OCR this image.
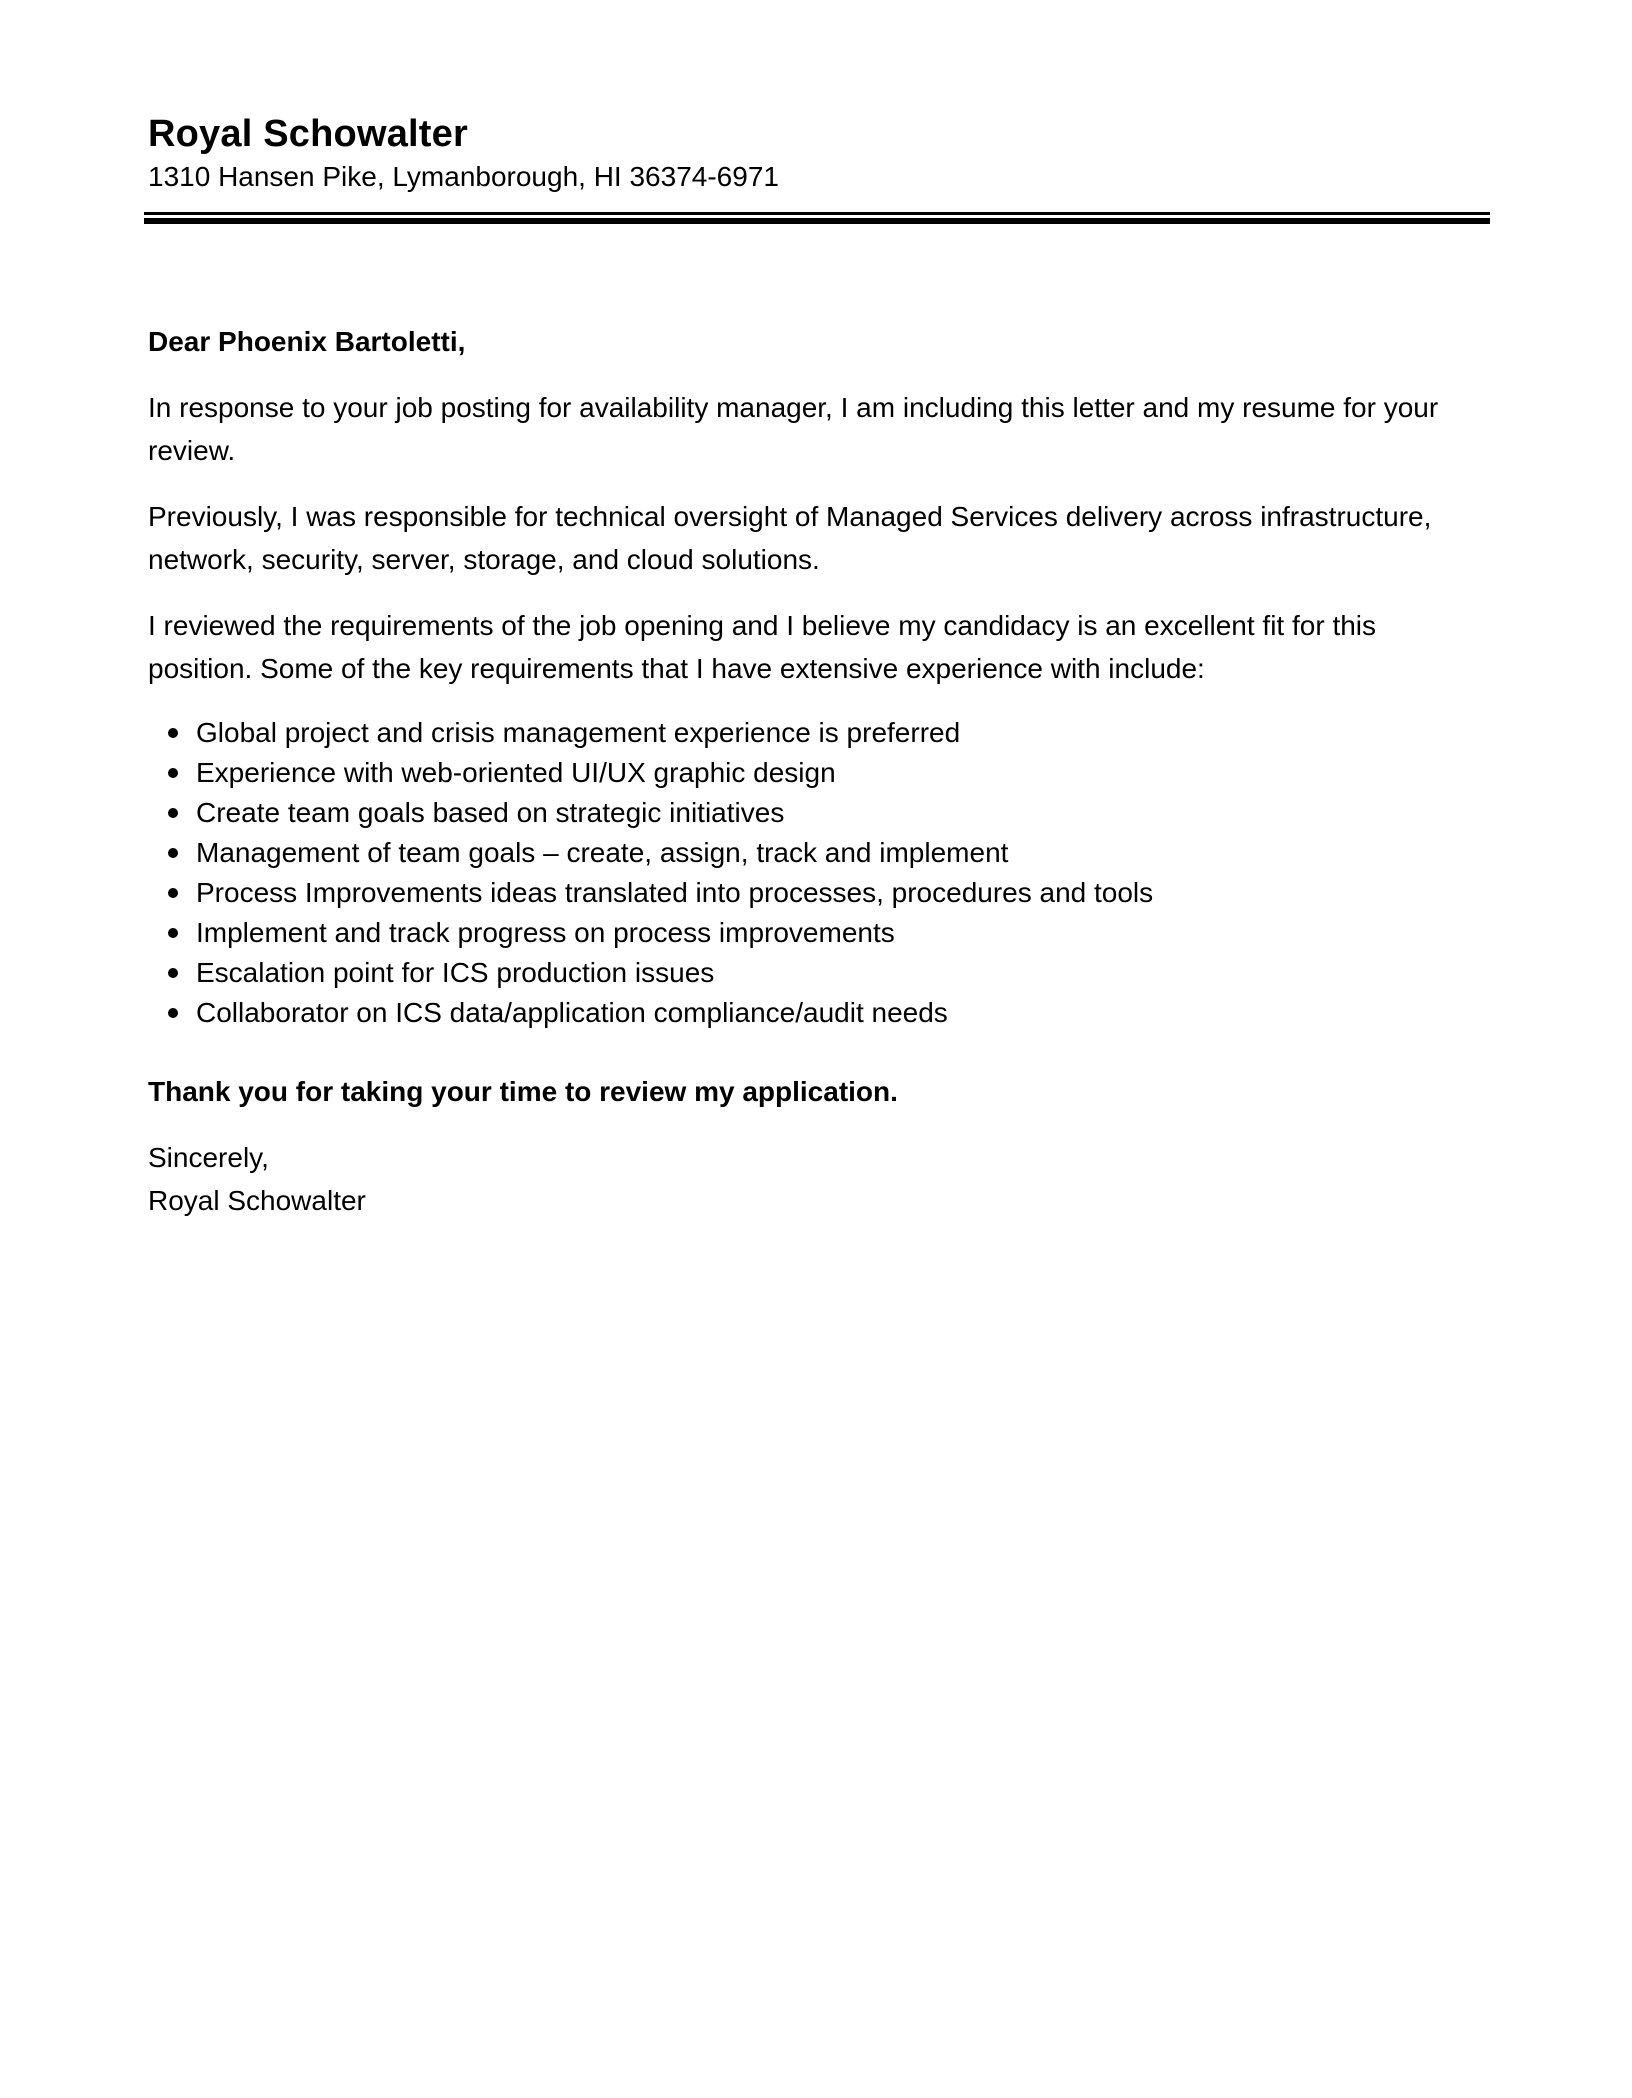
Royal Schowalter
1310 Hansen Pike, Lymanborough, HI 36374-6971

Dear Phoenix Bartoletti,

In response to your job posting for availability manager, I am including this letter and my resume for your review.

Previously, I was responsible for technical oversight of Managed Services delivery across infrastructure, network, security, server, storage, and cloud solutions.

I reviewed the requirements of the job opening and I believe my candidacy is an excellent fit for this position. Some of the key requirements that I have extensive experience with include:

Global project and crisis management experience is preferred
Experience with web-oriented UI/UX graphic design
Create team goals based on strategic initiatives
Management of team goals – create, assign, track and implement
Process Improvements ideas translated into processes, procedures and tools
Implement and track progress on process improvements
Escalation point for ICS production issues
Collaborator on ICS data/application compliance/audit needs

Thank you for taking your time to review my application.

Sincerely,

Royal Schowalter
